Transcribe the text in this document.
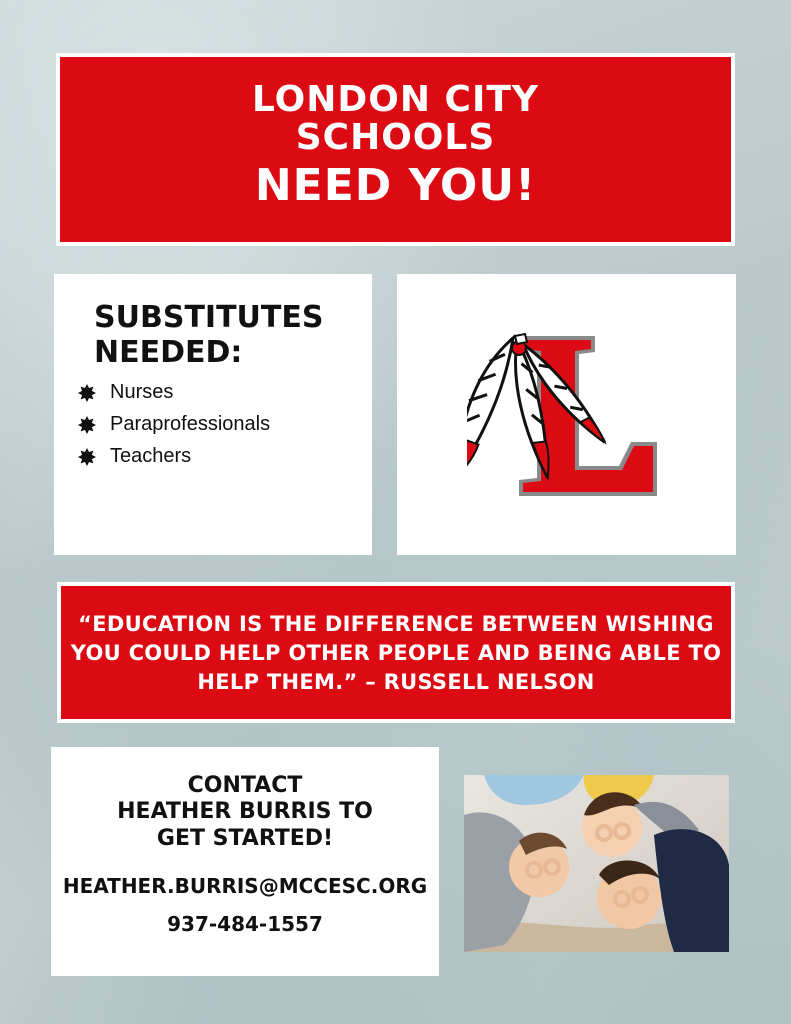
LONDON CITY
SCHOOLS
NEED YOU!
SUBSTITUTES
NEEDED:
Nurses
Paraprofessionals
Teachers
“EDUCATION IS THE DIFFERENCE BETWEEN WISHING YOU COULD HELP OTHER PEOPLE AND BEING ABLE TO HELP THEM.” – RUSSELL NELSON
CONTACT
HEATHER BURRIS TO
GET STARTED!
HEATHER.BURRIS@MCCESC.ORG
937-484-1557
